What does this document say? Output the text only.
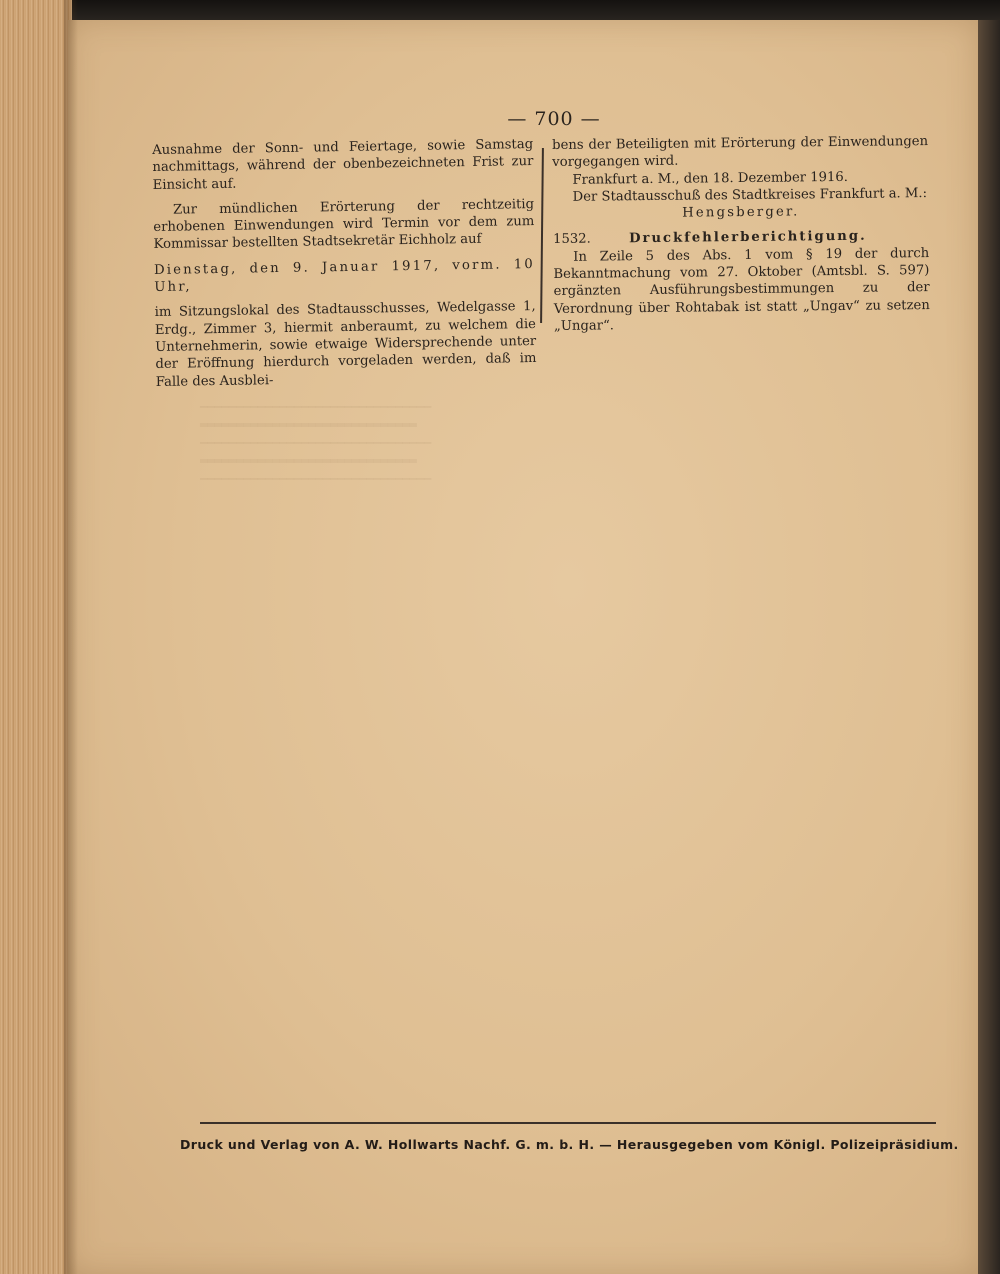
— 700 —

Ausnahme der Sonn- und Feiertage, sowie Samstag nachmittags, während der obenbezeichneten Frist zur Einsicht auf.

Zur mündlichen Erörterung der rechtzeitig erhobenen Einwendungen wird Termin vor dem zum Kommissar bestellten Stadtsekretär Eichholz auf

Dienstag, den 9. Januar 1917, vorm. 10 Uhr,

im Sitzungslokal des Stadtausschusses, Wedelgasse 1, Erdg., Zimmer 3, hiermit anberaumt, zu welchem die Unternehmerin, sowie etwaige Widersprechende unter der Eröffnung hierdurch vorgeladen werden, daß im Falle des Ausblei-

bens der Beteiligten mit Erörterung der Einwendungen vorgegangen wird.

Frankfurt a. M., den 18. Dezember 1916.

Der Stadtausschuß des Stadtkreises Frankfurt a. M.:

Hengsberger.

1532.	Druckfehlerberichtigung.

In Zeile 5 des Abs. 1 vom § 19 der durch Bekanntmachung vom 27. Oktober (Amtsbl. S. 597) ergänzten Ausführungsbestimmungen zu der Verordnung über Rohtabak ist statt „Ungav“ zu setzen „Ungar“.

Druck und Verlag von A. W. Hollwarts Nachf. G. m. b. H. — Herausgegeben vom Königl. Polizeipräsidium.
